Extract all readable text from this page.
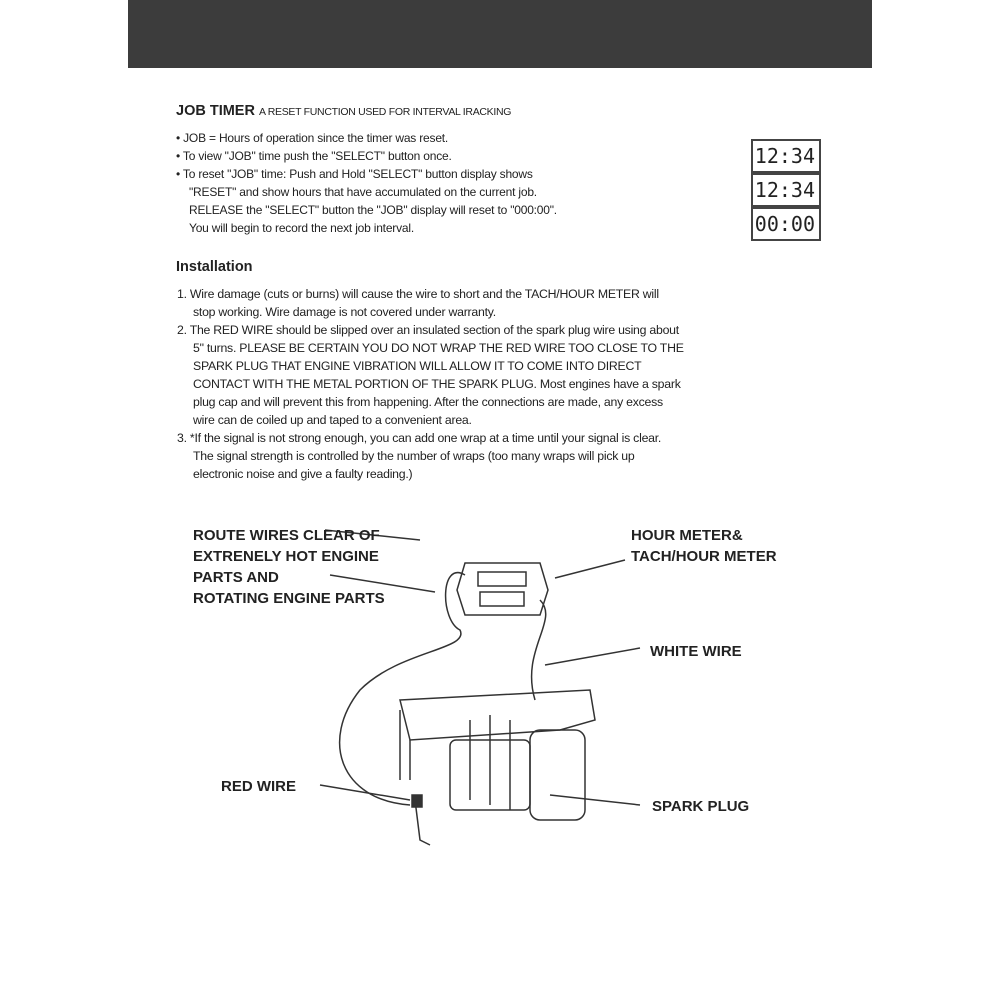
JOB TIMER A RESET FUNCTION USED FOR INTERVAL IRACKING
• JOB = Hours of operation since the timer was reset.
• To view "JOB" time push the "SELECT" button once.
• To reset "JOB" time: Push and Hold "SELECT" button display shows
"RESET" and show hours that have accumulated on the current job.
RELEASE the "SELECT" button the "JOB" display will reset to "000:00".
You will begin to record the next job interval.
12:34
12:34
00:00
Installation
1. Wire damage (cuts or burns) will cause the wire to short and the TACH/HOUR METER will
stop working. Wire damage is not covered under warranty.
2. The RED WIRE should be slipped over an insulated section of the spark plug wire using about
5" turns. PLEASE BE CERTAIN YOU DO NOT WRAP THE RED WIRE TOO CLOSE TO THE
SPARK PLUG THAT ENGINE VIBRATION WILL ALLOW IT TO COME INTO DIRECT
CONTACT WITH THE METAL PORTION OF THE SPARK PLUG. Most engines have a spark
plug cap and will prevent this from happening. After the connections are made, any excess
wire can de coiled up and taped to a convenient area.
3. *If the signal is not strong enough, you can add one wrap at a time until your signal is clear.
The signal strength is controlled by the number of wraps (too many wraps will pick up
electronic noise and give a faulty reading.)
ROUTE WIRES CLEAR OF
EXTRENELY HOT ENGINE
PARTS AND
ROTATING ENGINE PARTS
HOUR METER&
TACH/HOUR METER
WHITE WIRE
RED WIRE
SPARK PLUG
